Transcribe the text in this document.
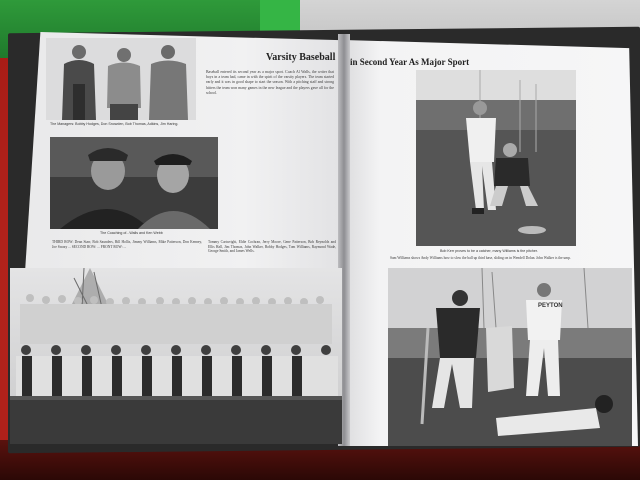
The Managers: Bobby Hodges, Don Snowden, Bob Thomas, Adkins, Jim Haring.
Varsity Baseball
Baseball entered its second year as a major sport. Coach Al Walls, the writer that boys in a team had, came in with the spirit of the varsity players. The team started early and it was in good shape to start the season. With a pitching staff and strong hitters the team won many games in the new league and the players gave all for the school.
The Coaching of...Walls and Ken Webb
THIRD ROW: Dean Starr, Bob Saunders, Bill Hollis, Jimmy Williams, Mike Patterson, Don Kenney, Joe Swazy ... SECOND ROW: ... FRONT ROW: ...
Tommy Cartwright, Eldie Cochran, Jerry Moore, Gene Patterson, Bob Reynolds and Ellis Hall, Jim Thomas, John Walker, Bobby Hodges, Tom Williams, Raymond Wade, George Smith, and James Wells.
in Second Year As Major Sport
Bob Kerr proves to be a catcher, many Williams is the pitcher.
Sam Williams shows Andy Williams how to slow the ball up third base, sliding on in Wendell Dolan. John Walker is the ump.
PEYTON
